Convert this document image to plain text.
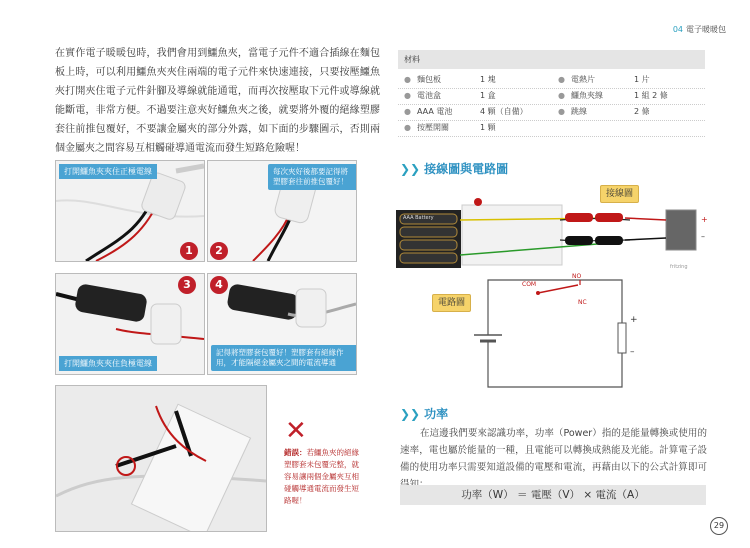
04 電子暖暖包
在實作電子暖暖包時，我們會用到鱷魚夾，當電子元件不適合插線在麵包板上時，可以利用鱷魚夾夾住兩端的電子元件來快速連接，只要按壓鱷魚夾打開夾住電子元件針腳及導線就能通電，而再次按壓取下元件或導線就能斷電，非常方便。不過要注意夾好鱷魚夾之後，就要將外覆的絕緣塑膠套往前推包覆好，不要讓金屬夾的部分外露，如下面的步驟圖示，否則兩個金屬夾之間容易互相觸碰導通電流而發生短路危險喔！
打開鱷魚夾夾住正極電線
1
每次夾好後都要記得將塑膠套往前推包覆好！
2
打開鱷魚夾夾住負極電線
3
記得將塑膠套包覆好！塑膠套有絕緣作用，才能隔絕金屬夾之間的電流導通
4
✕
錯誤：若鱷魚夾的絕緣塑膠套未包覆完整，就容易讓兩個金屬夾互相碰觸導通電流而發生短路喔！
材料
● 麵包板
● 電池盒
● AAA 電池
● 按壓開關
1 塊
1 盒
4 顆（自備）
1 顆
● 電熱片
● 鱷魚夾線
● 跳線
1 片
1 組 2 條
2 條
❯❯ 接線圖與電路圖
AAA Battery
接線圖
+
–
fritzing
COM
NO
NC
+
–
電路圖
❯❯ 功率
在這邊我們要來認識功率，功率（Power）指的是能量轉換或使用的速率，電也屬於能量的一種，且電能可以轉換成熱能及光能。計算電子設備的使用功率只需要知道設備的電壓和電流，再藉由以下的公式計算即可
功率（W） ＝ 電壓（V） × 電流（A）
29
